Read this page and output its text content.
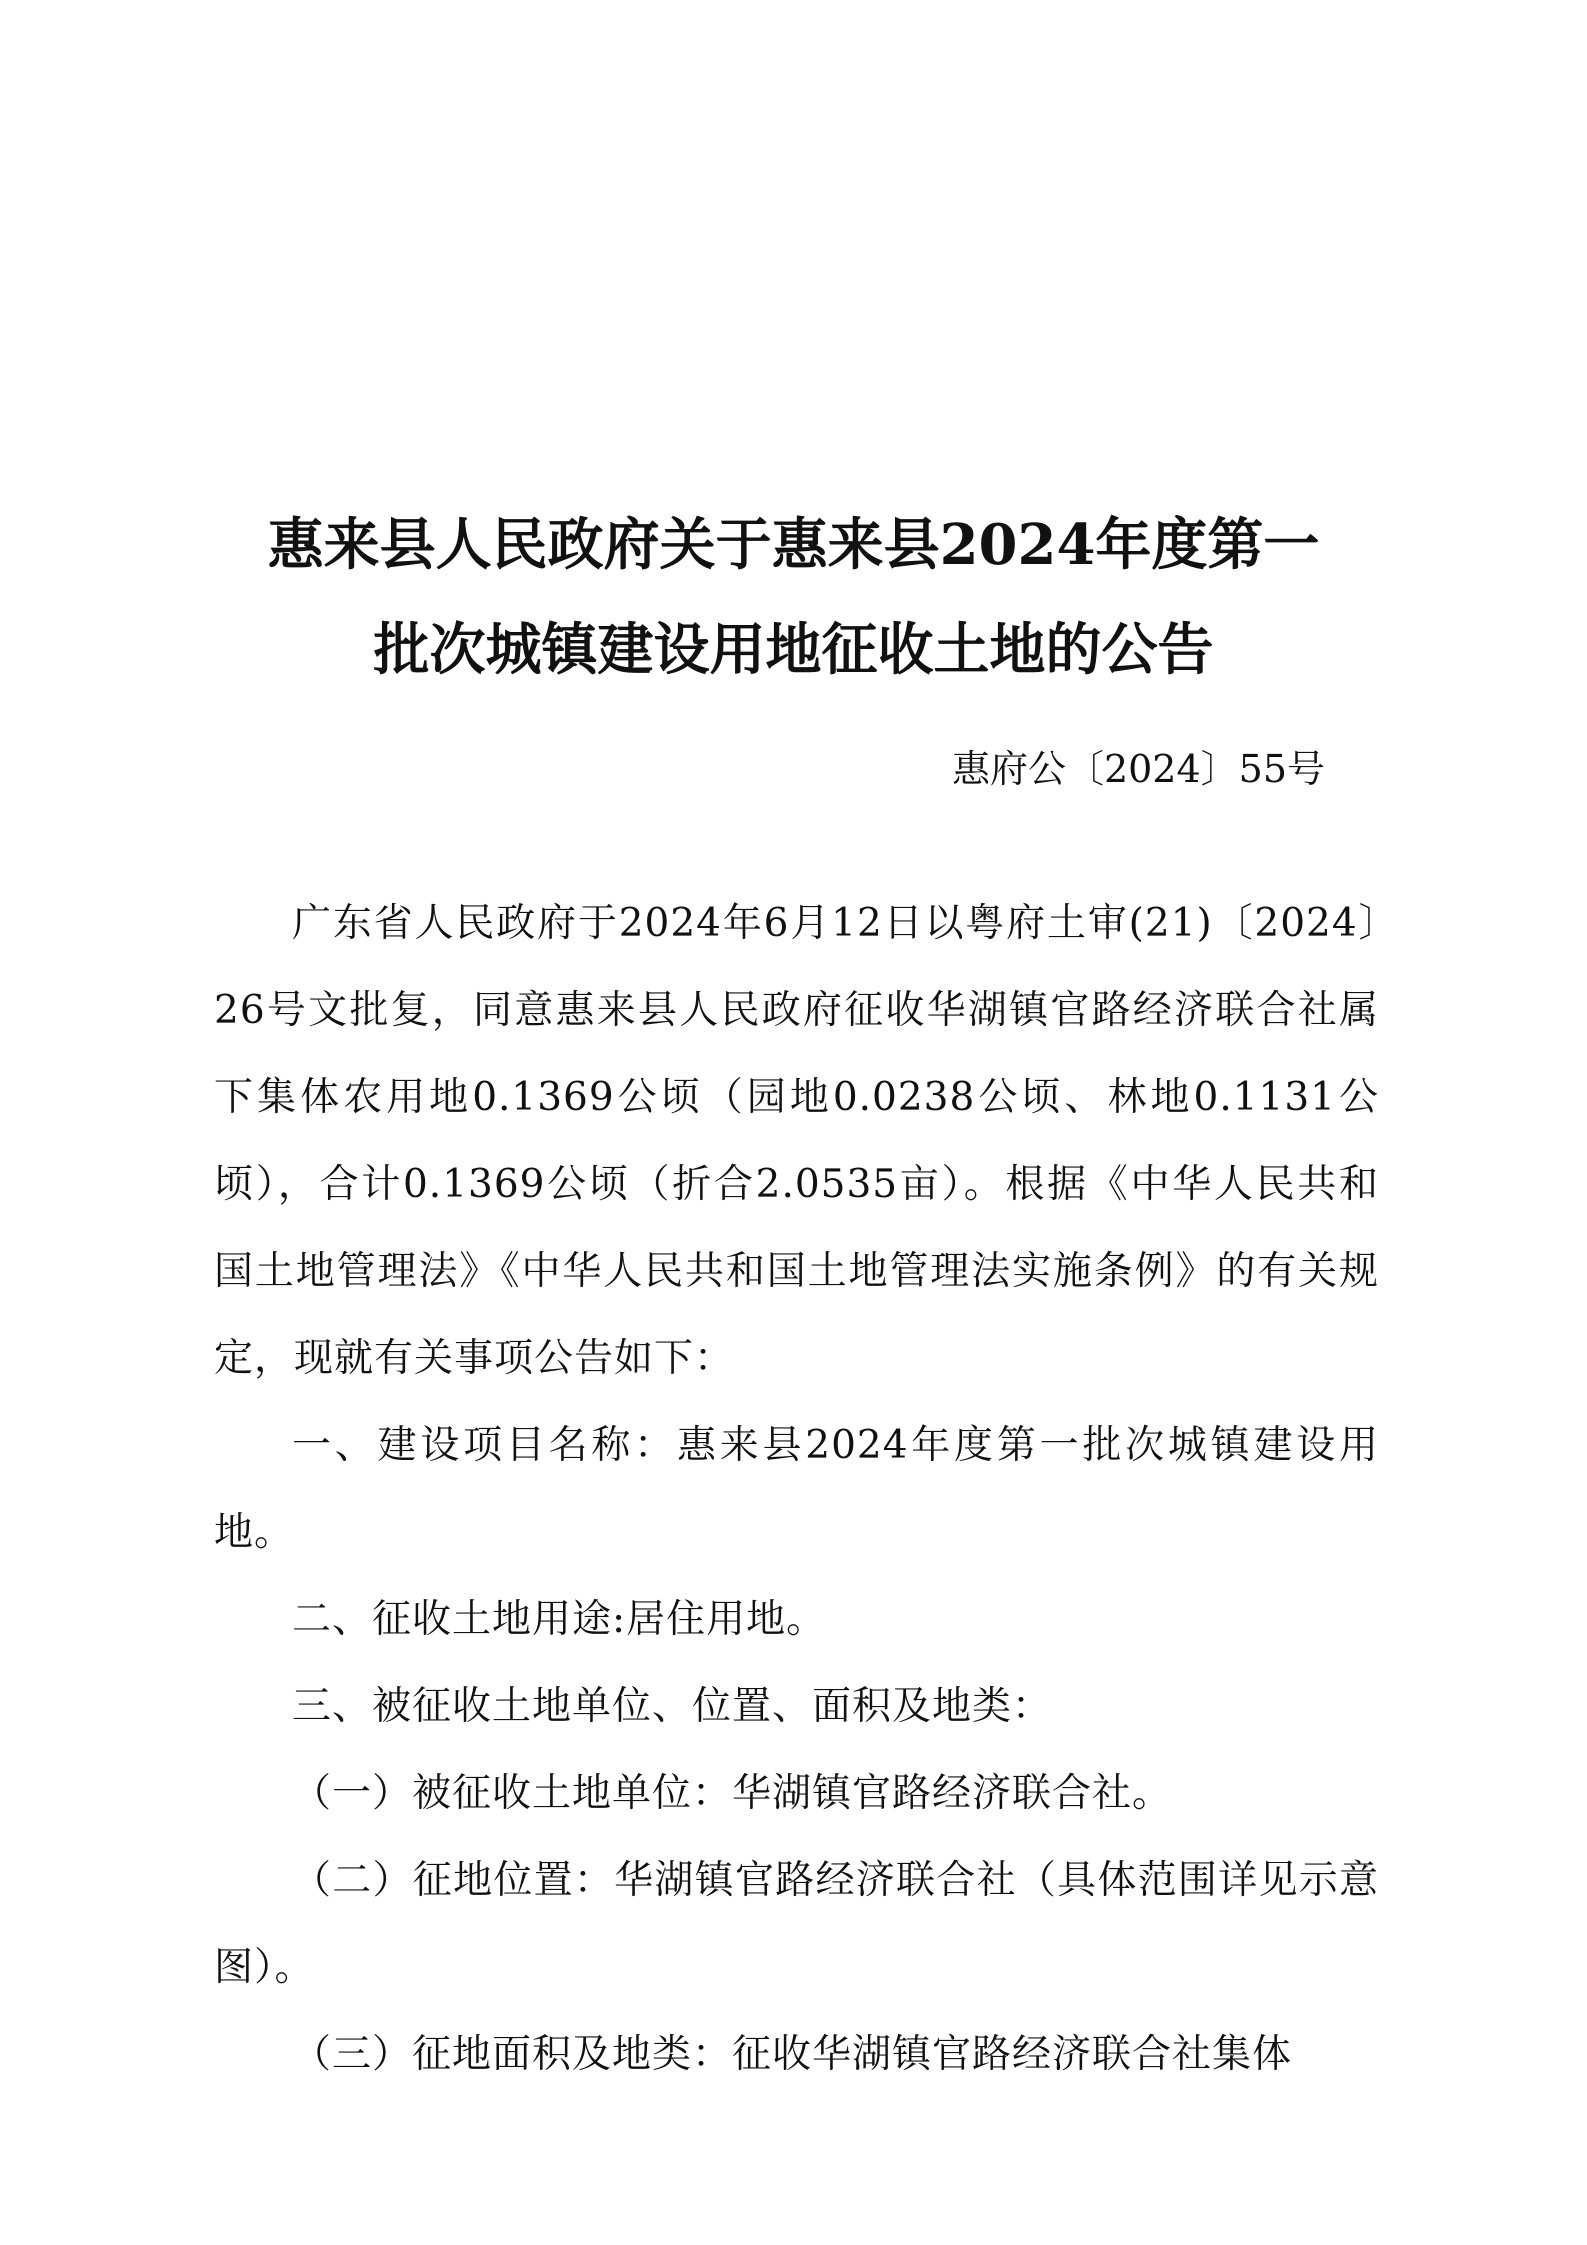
惠来县人民政府关于惠来县2024年度第一
批次城镇建设用地征收土地的公告
惠府公〔2024〕55号

广东省人民政府于2024年6月12日以粤府土审(21)〔2024〕26号文批复，同意惠来县人民政府征收华湖镇官路经济联合社属下集体农用地0.1369公顷（园地0.0238公顷、林地0.1131公顷），合计0.1369公顷（折合2.0535亩）。根据《中华人民共和国土地管理法》《中华人民共和国土地管理法实施条例》的有关规定，现就有关事项公告如下：

一、建设项目名称：惠来县2024年度第一批次城镇建设用地。

二、征收土地用途:居住用地。

三、被征收土地单位、位置、面积及地类：

（一）被征收土地单位：华湖镇官路经济联合社。

（二）征地位置：华湖镇官路经济联合社（具体范围详见示意图）。

（三）征地面积及地类：征收华湖镇官路经济联合社集体
